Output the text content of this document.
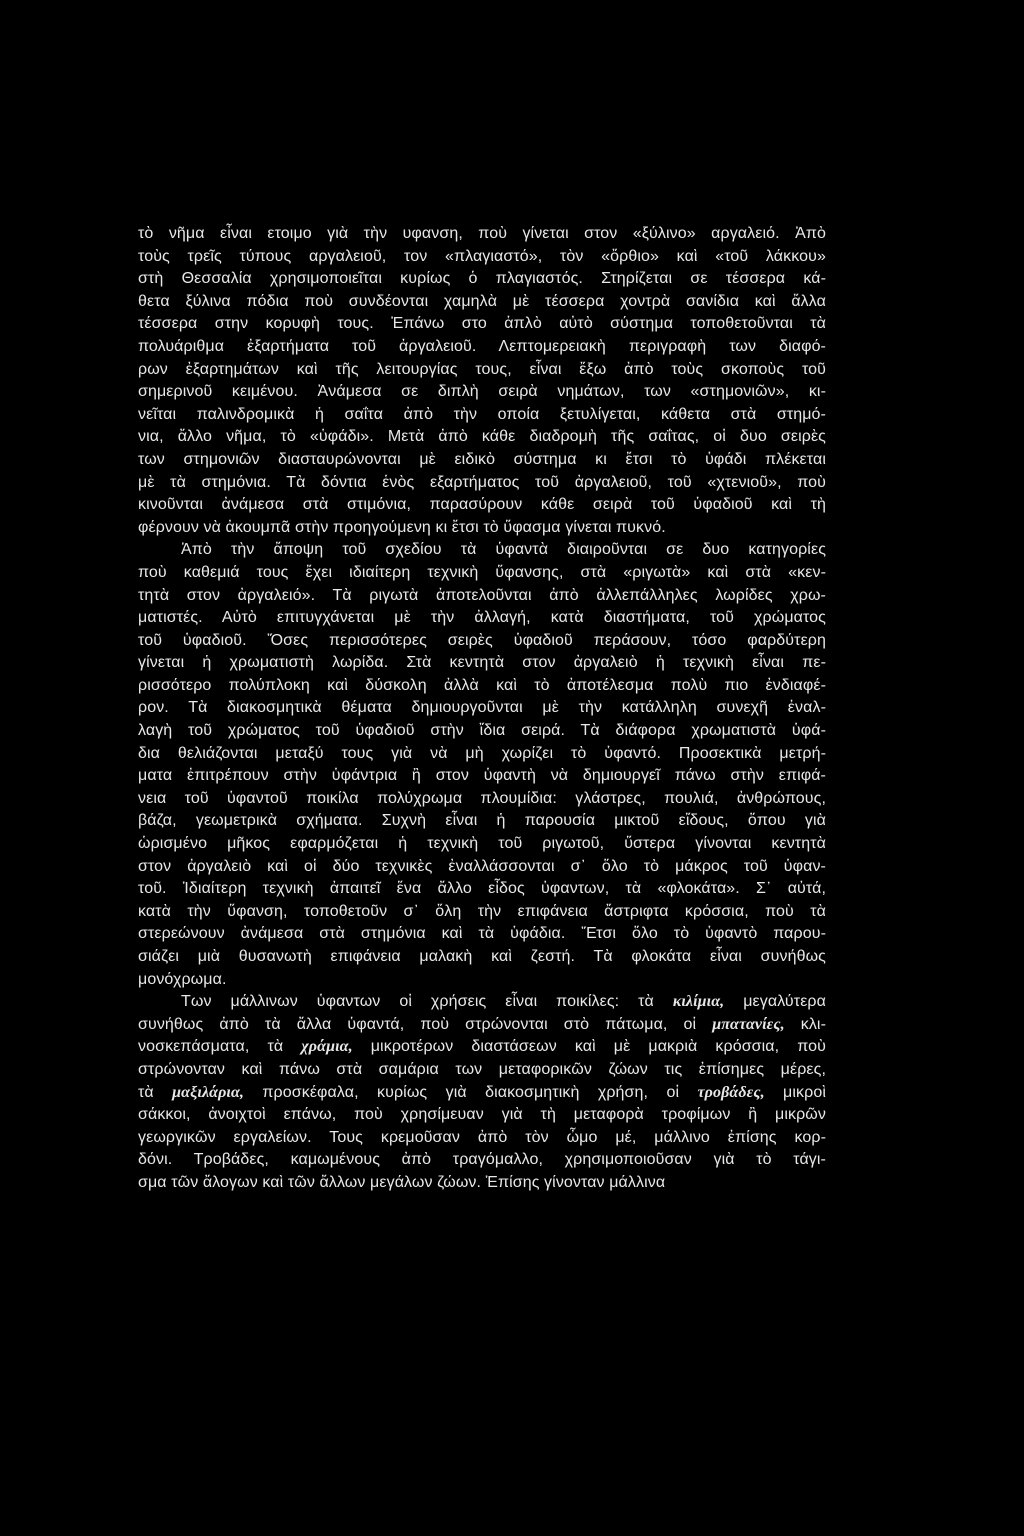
τὸ νῆμα εἶναι ετοιμο γιὰ τὴν υφανση, ποὺ γίνεται στον «ξύλινο» αργαλειό. Ἀπὸ
τοὺς τρεῖς τύπους αργαλειοῦ, τον «πλαγιαστό», τὸν «ὄρθιο» καὶ «τοῦ λάκκου»
στὴ Θεσσαλία χρησιμοποιεῖται κυρίως ὁ πλαγιαστός. Στηρίζεται σε τέσσερα κά-
θετα ξύλινα πόδια ποὺ συνδέονται χαμηλὰ μὲ τέσσερα χοντρὰ σανίδια καὶ ἄλλα
τέσσερα στην κορυφὴ τους. Ἐπάνω στο ἁπλὸ αὐτὸ σύστημα τοποθετοῦνται τὰ
πολυάριθμα ἐξαρτήματα τοῦ ἀργαλειοῦ. Λεπτομερειακὴ περιγραφὴ των διαφό-
ρων ἐξαρτημάτων καὶ τῆς λειτουργίας τους, εἶναι ἔξω ἀπὸ τοὺς σκοποὺς τοῦ
σημερινοῦ κειμένου. Ἀνάμεσα σε διπλὴ σειρὰ νημάτων, των «στημονιῶν», κι-
νεῖται παλινδρομικὰ ἡ σαΐτα ἀπὸ τὴν οποία ξετυλίγεται, κάθετα στὰ στημό-
νια, ἄλλο νῆμα, τὸ «ὑφάδι». Μετὰ ἀπὸ κάθε διαδρομὴ τῆς σαΐτας, οἱ δυο σειρὲς
των στημονιῶν διασταυρώνονται μὲ ειδικὸ σύστημα κι ἔτσι τὸ ὑφάδι πλέκεται
μὲ τὰ στημόνια. Τὰ δόντια ἑνὸς εξαρτήματος τοῦ ἀργαλειοῦ, τοῦ «χτενιοῦ», ποὺ
κινοῦνται ἀνάμεσα στὰ στιμόνια, παρασύρουν κάθε σειρὰ τοῦ ὑφαδιοῦ καὶ τὴ
φέρνουν νὰ ἀκουμπᾶ στὴν προηγούμενη κι ἔτσι τὸ ὕφασμα γίνεται πυκνό.
Ἀπὸ τὴν ἄποψη τοῦ σχεδίου τὰ ὑφαντὰ διαιροῦνται σε δυο κατηγορίες
ποὺ καθεμιά τους ἔχει ιδιαίτερη τεχνικὴ ὕφανσης, στὰ «ριγωτὰ» καὶ στὰ «κεν-
τητὰ στον ἀργαλειό». Τὰ ριγωτὰ ἀποτελοῦνται ἀπὸ ἀλλεπάλληλες λωρίδες χρω-
ματιστές. Αὐτὸ επιτυγχάνεται μὲ τὴν ἀλλαγή, κατὰ διαστήματα, τοῦ χρώματος
τοῦ ὑφαδιοῦ. Ὅσες περισσότερες σειρὲς ὑφαδιοῦ περάσουν, τόσο φαρδύτερη
γίνεται ἡ χρωματιστὴ λωρίδα. Στὰ κεντητὰ στον ἀργαλειὸ ἡ τεχνικὴ εἶναι πε-
ρισσότερο πολύπλοκη καὶ δύσκολη ἀλλὰ καὶ τὸ ἀποτέλεσμα πολὺ πιο ἐνδιαφέ-
ρον. Τὰ διακοσμητικὰ θέματα δημιουργοῦνται μὲ τὴν κατάλληλη συνεχῆ ἐναλ-
λαγὴ τοῦ χρώματος τοῦ ὑφαδιοῦ στὴν ἴδια σειρά. Τὰ διάφορα χρωματιστὰ ὑφά-
δια θελιάζονται μεταξύ τους γιὰ νὰ μὴ χωρίζει τὸ ὑφαντό. Προσεκτικὰ μετρή-
ματα ἐπιτρέπουν στὴν ὑφάντρια ἢ στον ὑφαντὴ νὰ δημιουργεῖ πάνω στὴν επιφά-
νεια τοῦ ὑφαντοῦ ποικίλα πολύχρωμα πλουμίδια: γλάστρες, πουλιά, ἀνθρώπους,
βάζα, γεωμετρικὰ σχήματα. Συχνὴ εἶναι ἡ παρουσία μικτοῦ εἴδους, ὅπου γιὰ
ὡρισμένο μῆκος εφαρμόζεται ἡ τεχνικὴ τοῦ ριγωτοῦ, ὕστερα γίνονται κεντητὰ
στον ἀργαλειὸ καὶ οἱ δύο τεχνικὲς ἐναλλάσσονται σ᾽ ὅλο τὸ μάκρος τοῦ ὑφαν-
τοῦ. Ἰδιαίτερη τεχνικὴ ἀπαιτεῖ ἕνα ἄλλο εἶδος ὑφαντων, τὰ «φλοκάτα». Σ᾽ αὐτά,
κατὰ τὴν ὕφανση, τοποθετοῦν σ᾽ ὅλη τὴν επιφάνεια ἄστριφτα κρόσσια, ποὺ τὰ
στερεώνουν ἀνάμεσα στὰ στημόνια καὶ τὰ ὑφάδια. Ἔτσι ὅλο τὸ ὑφαντὸ παρου-
σιάζει μιὰ θυσανωτὴ επιφάνεια μαλακὴ καὶ ζεστή. Τὰ φλοκάτα εἶναι συνήθως
μονόχρωμα.
Των μάλλινων ὑφαντων οἱ χρήσεις εἶναι ποικίλες: τὰ κιλίμια, μεγαλύτερα
συνήθως ἀπὸ τὰ ἄλλα ὑφαντά, ποὺ στρώνονται στὸ πάτωμα, οἱ μπατανίες, κλι-
νοσκεπάσματα, τὰ χράμια, μικροτέρων διαστάσεων καὶ μὲ μακριὰ κρόσσια, ποὺ
στρώνονταν καὶ πάνω στὰ σαμάρια των μεταφορικῶν ζώων τις ἐπίσημες μέρες,
τὰ μαξιλάρια, προσκέφαλα, κυρίως γιὰ διακοσμητικὴ χρήση, οἱ τροβάδες, μικροὶ
σάκκοι, ἀνοιχτοὶ επάνω, ποὺ χρησίμευαν γιὰ τὴ μεταφορὰ τροφίμων ἢ μικρῶν
γεωργικῶν εργαλείων. Τους κρεμοῦσαν ἀπὸ τὸν ὦμο μέ, μάλλινο ἐπίσης κορ-
δόνι. Τροβάδες, καμωμένους ἀπὸ τραγόμαλλο, χρησιμοποιοῦσαν γιὰ τὸ τάγι-
σμα τῶν ἄλογων καὶ τῶν ἄλλων μεγάλων ζώων. Ἐπίσης γίνονταν μάλλινα
